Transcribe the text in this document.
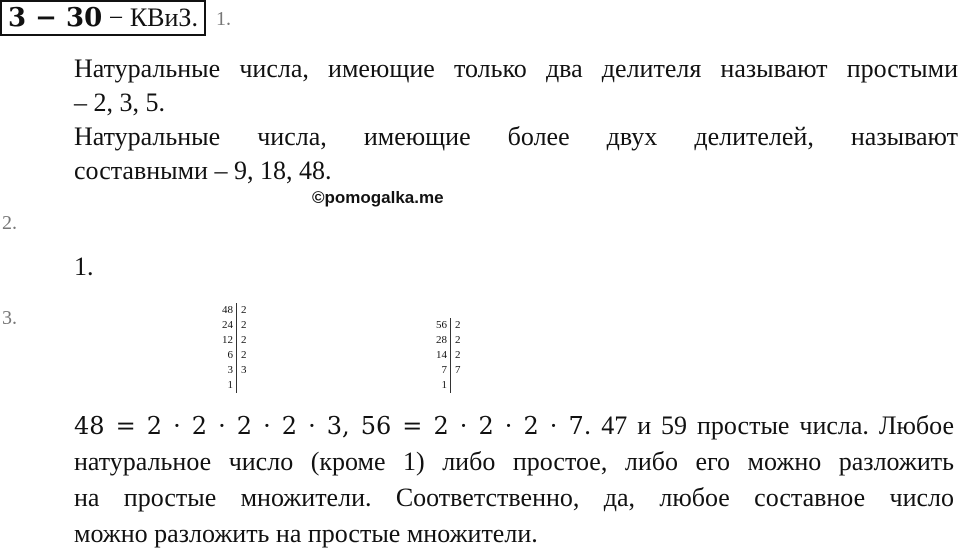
3 − 30 − КВиЗ. 1.
Натуральные числа, имеющие только два делителя называют простыми
– 2, 3, 5.
Натуральные числа, имеющие более двух делителей, называют
составными – 9, 18, 48.
©pomogalka.me
2.
1.
3.	48
24
12
6
3
1
2
2
2
2
3

56
28
14
7
1
2
2
2
7

48 = 2 · 2 · 2 · 2 · 3, 56 = 2 · 2 · 2 · 7. 47 и 59 простые числа. Любое
натуральное число (кроме 1) либо простое, либо его можно разложить
на простые множители. Соответственно, да, любое составное число
можно разложить на простые множители.
